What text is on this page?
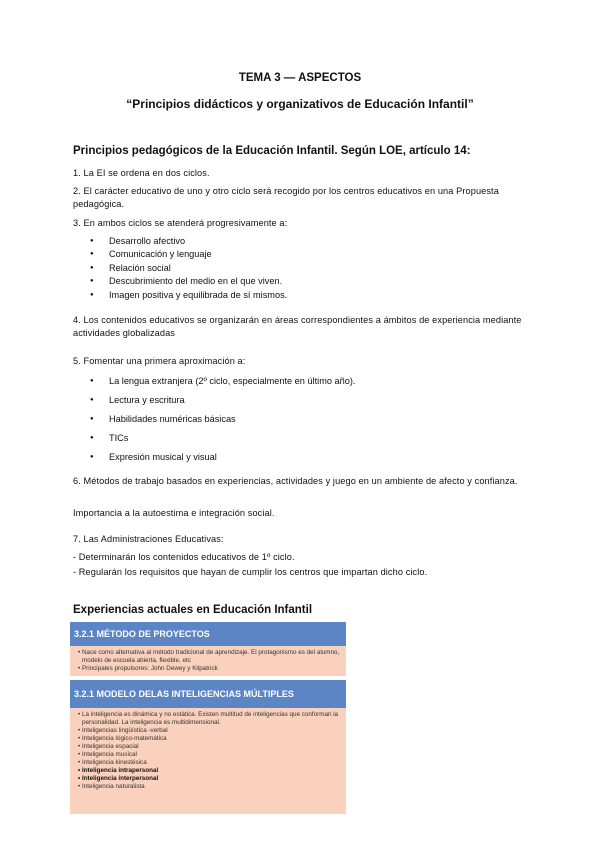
TEMA 3 — ASPECTOS
“Principios didácticos y organizativos de Educación Infantil”
Principios pedagógicos de la Educación Infantil. Según LOE, artículo 14:
1. La EI se ordena en dos ciclos.
2. El carácter educativo de uno y otro ciclo será recogido por los centros educativos en una Propuesta pedagógica.
3. En ambos ciclos se atenderá progresivamente a:
● Desarrollo afectivo
● Comunicación y lenguaje
● Relación social
● Descubrimiento del medio en el que viven.
● Imagen positiva y equilibrada de sí mismos.
4. Los contenidos educativos se organizarán en áreas correspondientes a ámbitos de experiencia mediante actividades globalizadas
5. Fomentar una primera aproximación a:
● La lengua extranjera (2º ciclo, especialmente en último año).
● Lectura y escritura
● Habilidades numéricas básicas
● TICs
● Expresión musical y visual
6. Métodos de trabajo basados en experiencias, actividades y juego en un ambiente de afecto y confianza.
Importancia a la autoestima e integración social.
7. Las Administraciones Educativas:
- Determinarán los contenidos educativos de 1º ciclo.
- Regularán los requisitos que hayan de cumplir los centros que impartan dicho ciclo.
Experiencias actuales en Educación Infantil
3.2.1 MÉTODO DE PROYECTOS
• Nace como alternativa al método tradicional de aprendizaje. El protagonismo es del alumno, modelo de escuela abierta, flexible, etc
• Principales propulsores: John Dewey y Kilpatrick
3.2.1 MODELO DELAS INTELIGENCIAS MÚLTIPLES
• La inteligencia es dinámica y no estática. Existen multitud de inteligencias que conforman la personalidad. La inteligencia es multidimensional.
• Inteligencias lingüística -verbal
• Inteligencia lógico-matemática
• Inteligencia espacial
• Inteligencia musical
• Inteligencia kinestésica
• Inteligencia intrapersonal
• Inteligencia interpersonal
• Inteligencia naturalista
